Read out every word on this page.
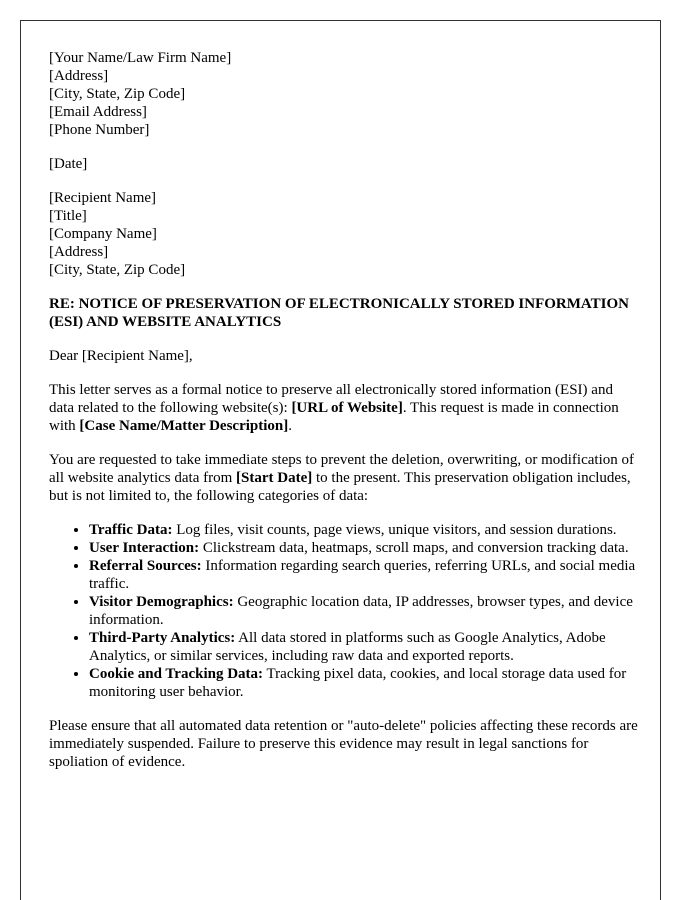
[Your Name/Law Firm Name]
[Address]
[City, State, Zip Code]
[Email Address]
[Phone Number]
[Date]
[Recipient Name]
[Title]
[Company Name]
[Address]
[City, State, Zip Code]
RE: NOTICE OF PRESERVATION OF ELECTRONICALLY STORED INFORMATION (ESI) AND WEBSITE ANALYTICS

Dear [Recipient Name],

This letter serves as a formal notice to preserve all electronically stored information (ESI) and data related to the following website(s): [URL of Website]. This request is made in connection with [Case Name/Matter Description].

You are requested to take immediate steps to prevent the deletion, overwriting, or modification of all website analytics data from [Start Date] to the present. This preservation obligation includes, but is not limited to, the following categories of data:

• Traffic Data: Log files, visit counts, page views, unique visitors, and session durations.
• User Interaction: Clickstream data, heatmaps, scroll maps, and conversion tracking data.
• Referral Sources: Information regarding search queries, referring URLs, and social media traffic.
• Visitor Demographics: Geographic location data, IP addresses, browser types, and device information.
• Third-Party Analytics: All data stored in platforms such as Google Analytics, Adobe Analytics, or similar services, including raw data and exported reports.
• Cookie and Tracking Data: Tracking pixel data, cookies, and local storage data used for monitoring user behavior.

Please ensure that all automated data retention or "auto-delete" policies affecting these records are immediately suspended. Failure to preserve this evidence may result in legal sanctions for spoliation of evidence.
